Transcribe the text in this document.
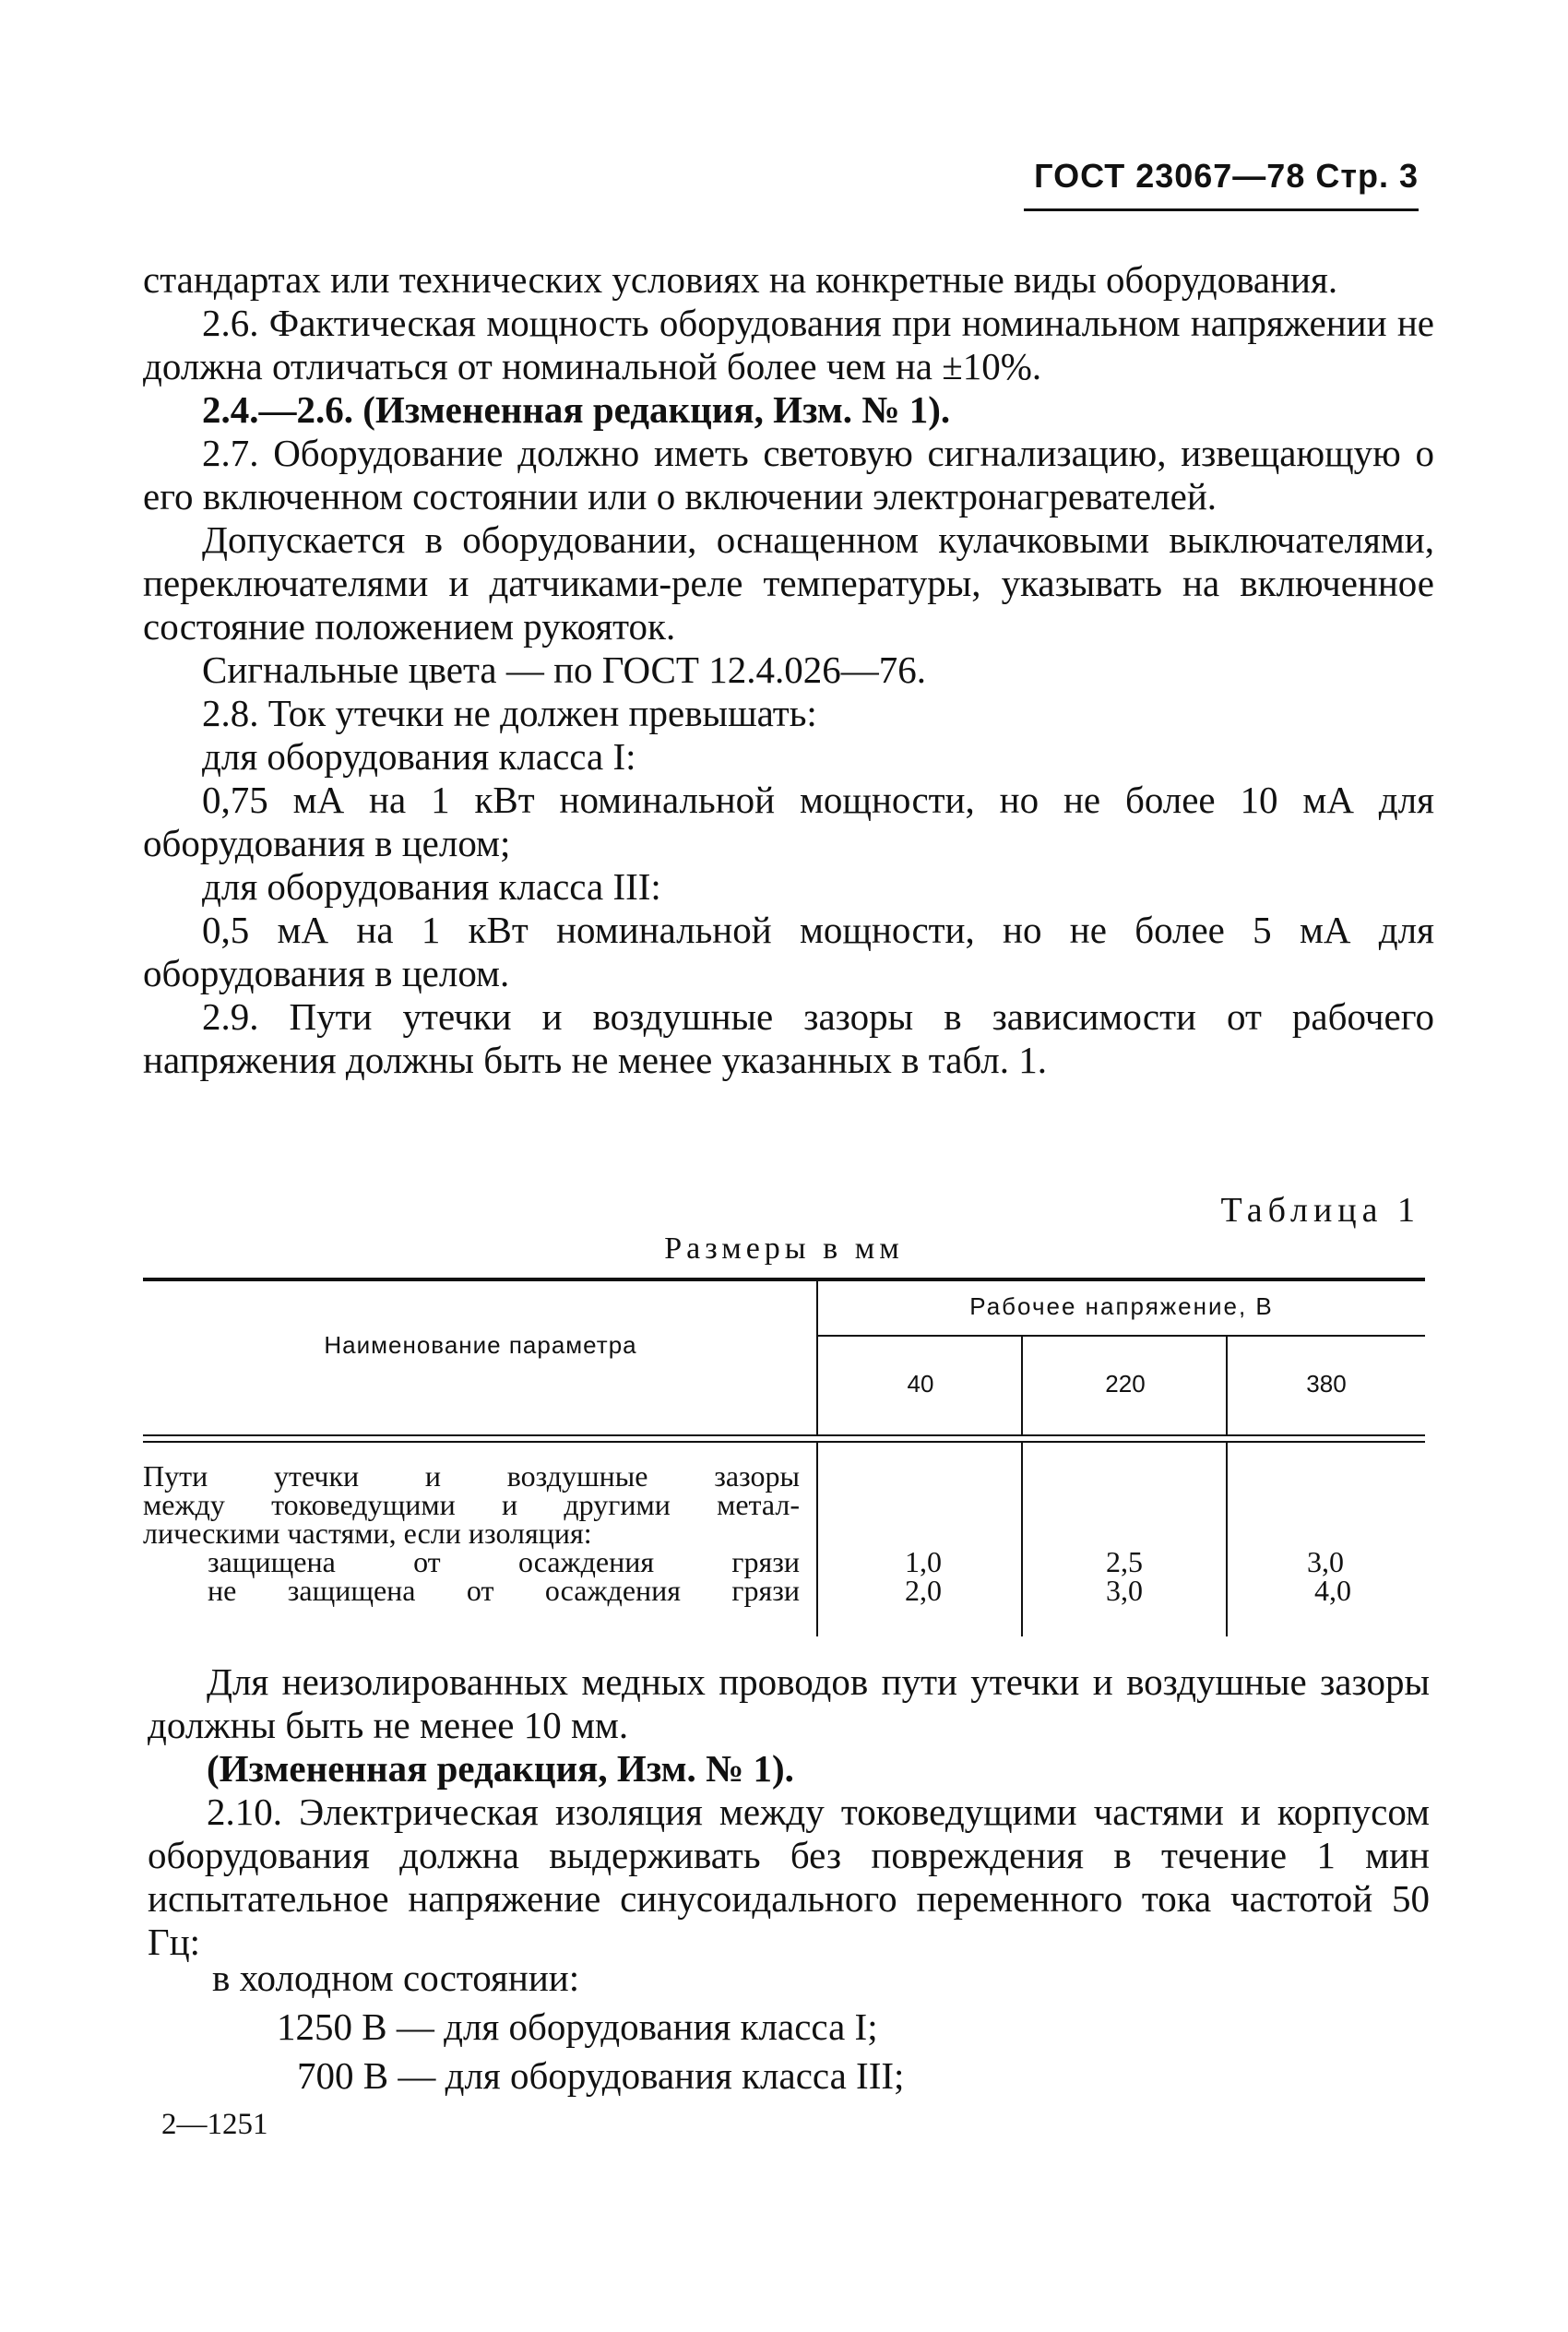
ГОСТ 23067—78 Стр. 3

стандартах или технических условиях на конкретные виды оборудования.

2.6. Фактическая мощность оборудования при номинальном напряжении не должна отличаться от номинальной более чем на ±10%.

2.4.—2.6. (Измененная редакция, Изм. № 1).

2.7. Оборудование должно иметь световую сигнализацию, извещающую о его включенном состоянии или о включении электронагревателей.

Допускается в оборудовании, оснащенном кулачковыми выключателями, переключателями и датчиками-реле температуры, указывать на включенное состояние положением рукояток.

Сигнальные цвета — по ГОСТ 12.4.026—76.

2.8. Ток утечки не должен превышать:

для оборудования класса I:

0,75 мА на 1 кВт номинальной мощности, но не более 10 мА для оборудования в целом;

для оборудования класса III:

0,5 мА на 1 кВт номинальной мощности, но не более 5 мА для оборудования в целом.

2.9. Пути утечки и воздушные зазоры в зависимости от рабочего напряжения должны быть не менее указанных в табл. 1.

Таблица 1
Размеры в мм
Наименование параметра
Рабочее напряжение, В
40	220	380
Пути утечки и воздушные зазоры
между токоведущими и другими метал-
лическими частями, если изоляция:
защищена от осаждения грязи
не защищена от осаждения грязи
1,0
2,0
2,5
3,0
3,0
4,0

Для неизолированных медных проводов пути утечки и воздушные зазоры должны быть не менее 10 мм.

(Измененная редакция, Изм. № 1).

2.10. Электрическая изоляция между токоведущими частями и корпусом оборудования должна выдерживать без повреждения в течение 1 мин испытательное напряжение синусоидального переменного тока частотой 50 Гц:

в холодном состоянии:
1250 В — для оборудования класса I;
700 В — для оборудования класса III;
2—1251
